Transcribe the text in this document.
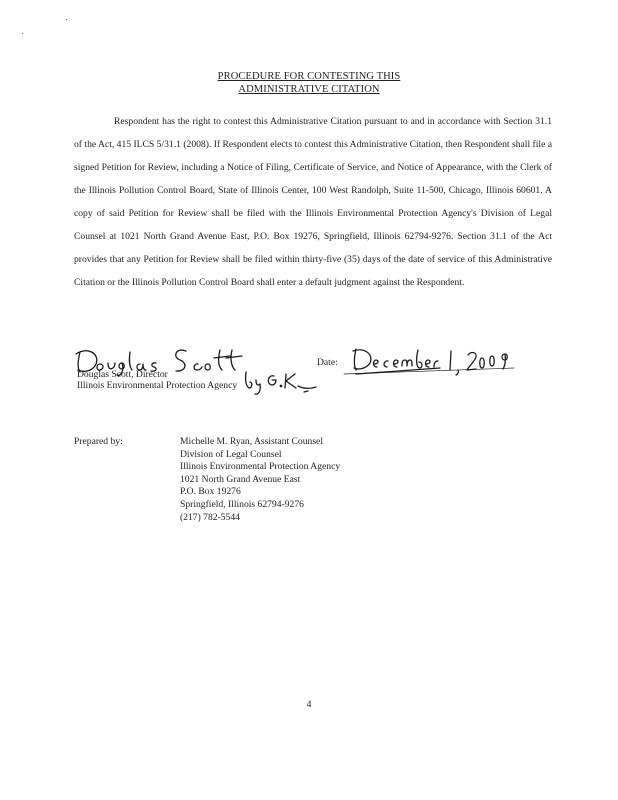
PROCEDURE FOR CONTESTING THIS
ADMINISTRATIVE CITATION
Respondent has the right to contest this Administrative Citation pursuant to and in accordance with Section 31.1 of the Act, 415 ILCS 5/31.1 (2008). If Respondent elects to contest this Administrative Citation, then Respondent shall file a signed Petition for Review, including a Notice of Filing, Certificate of Service, and Notice of Appearance, with the Clerk of the Illinois Pollution Control Board, State of Illinois Center, 100 West Randolph, Suite 11-500, Chicago, Illinois 60601. A copy of said Petition for Review shall be filed with the Illinois Environmental Protection Agency's Division of Legal Counsel at 1021 North Grand Avenue East, P.O. Box 19276, Springfield, Illinois 62794-9276. Section 31.1 of the Act provides that any Petition for Review shall be filed within thirty-five (35) days of the date of service of this Administrative Citation or the Illinois Pollution Control Board shall enter a default judgment against the Respondent.
Date:
Douglas Scott, Director
Illinois Environmental Protection Agency
Prepared by:	Michelle M. Ryan, Assistant Counsel
Division of Legal Counsel
Illinois Environmental Protection Agency
1021 North Grand Avenue East
P.O. Box 19276
Springfield, Illinois 62794-9276
(217) 782-5544
4
